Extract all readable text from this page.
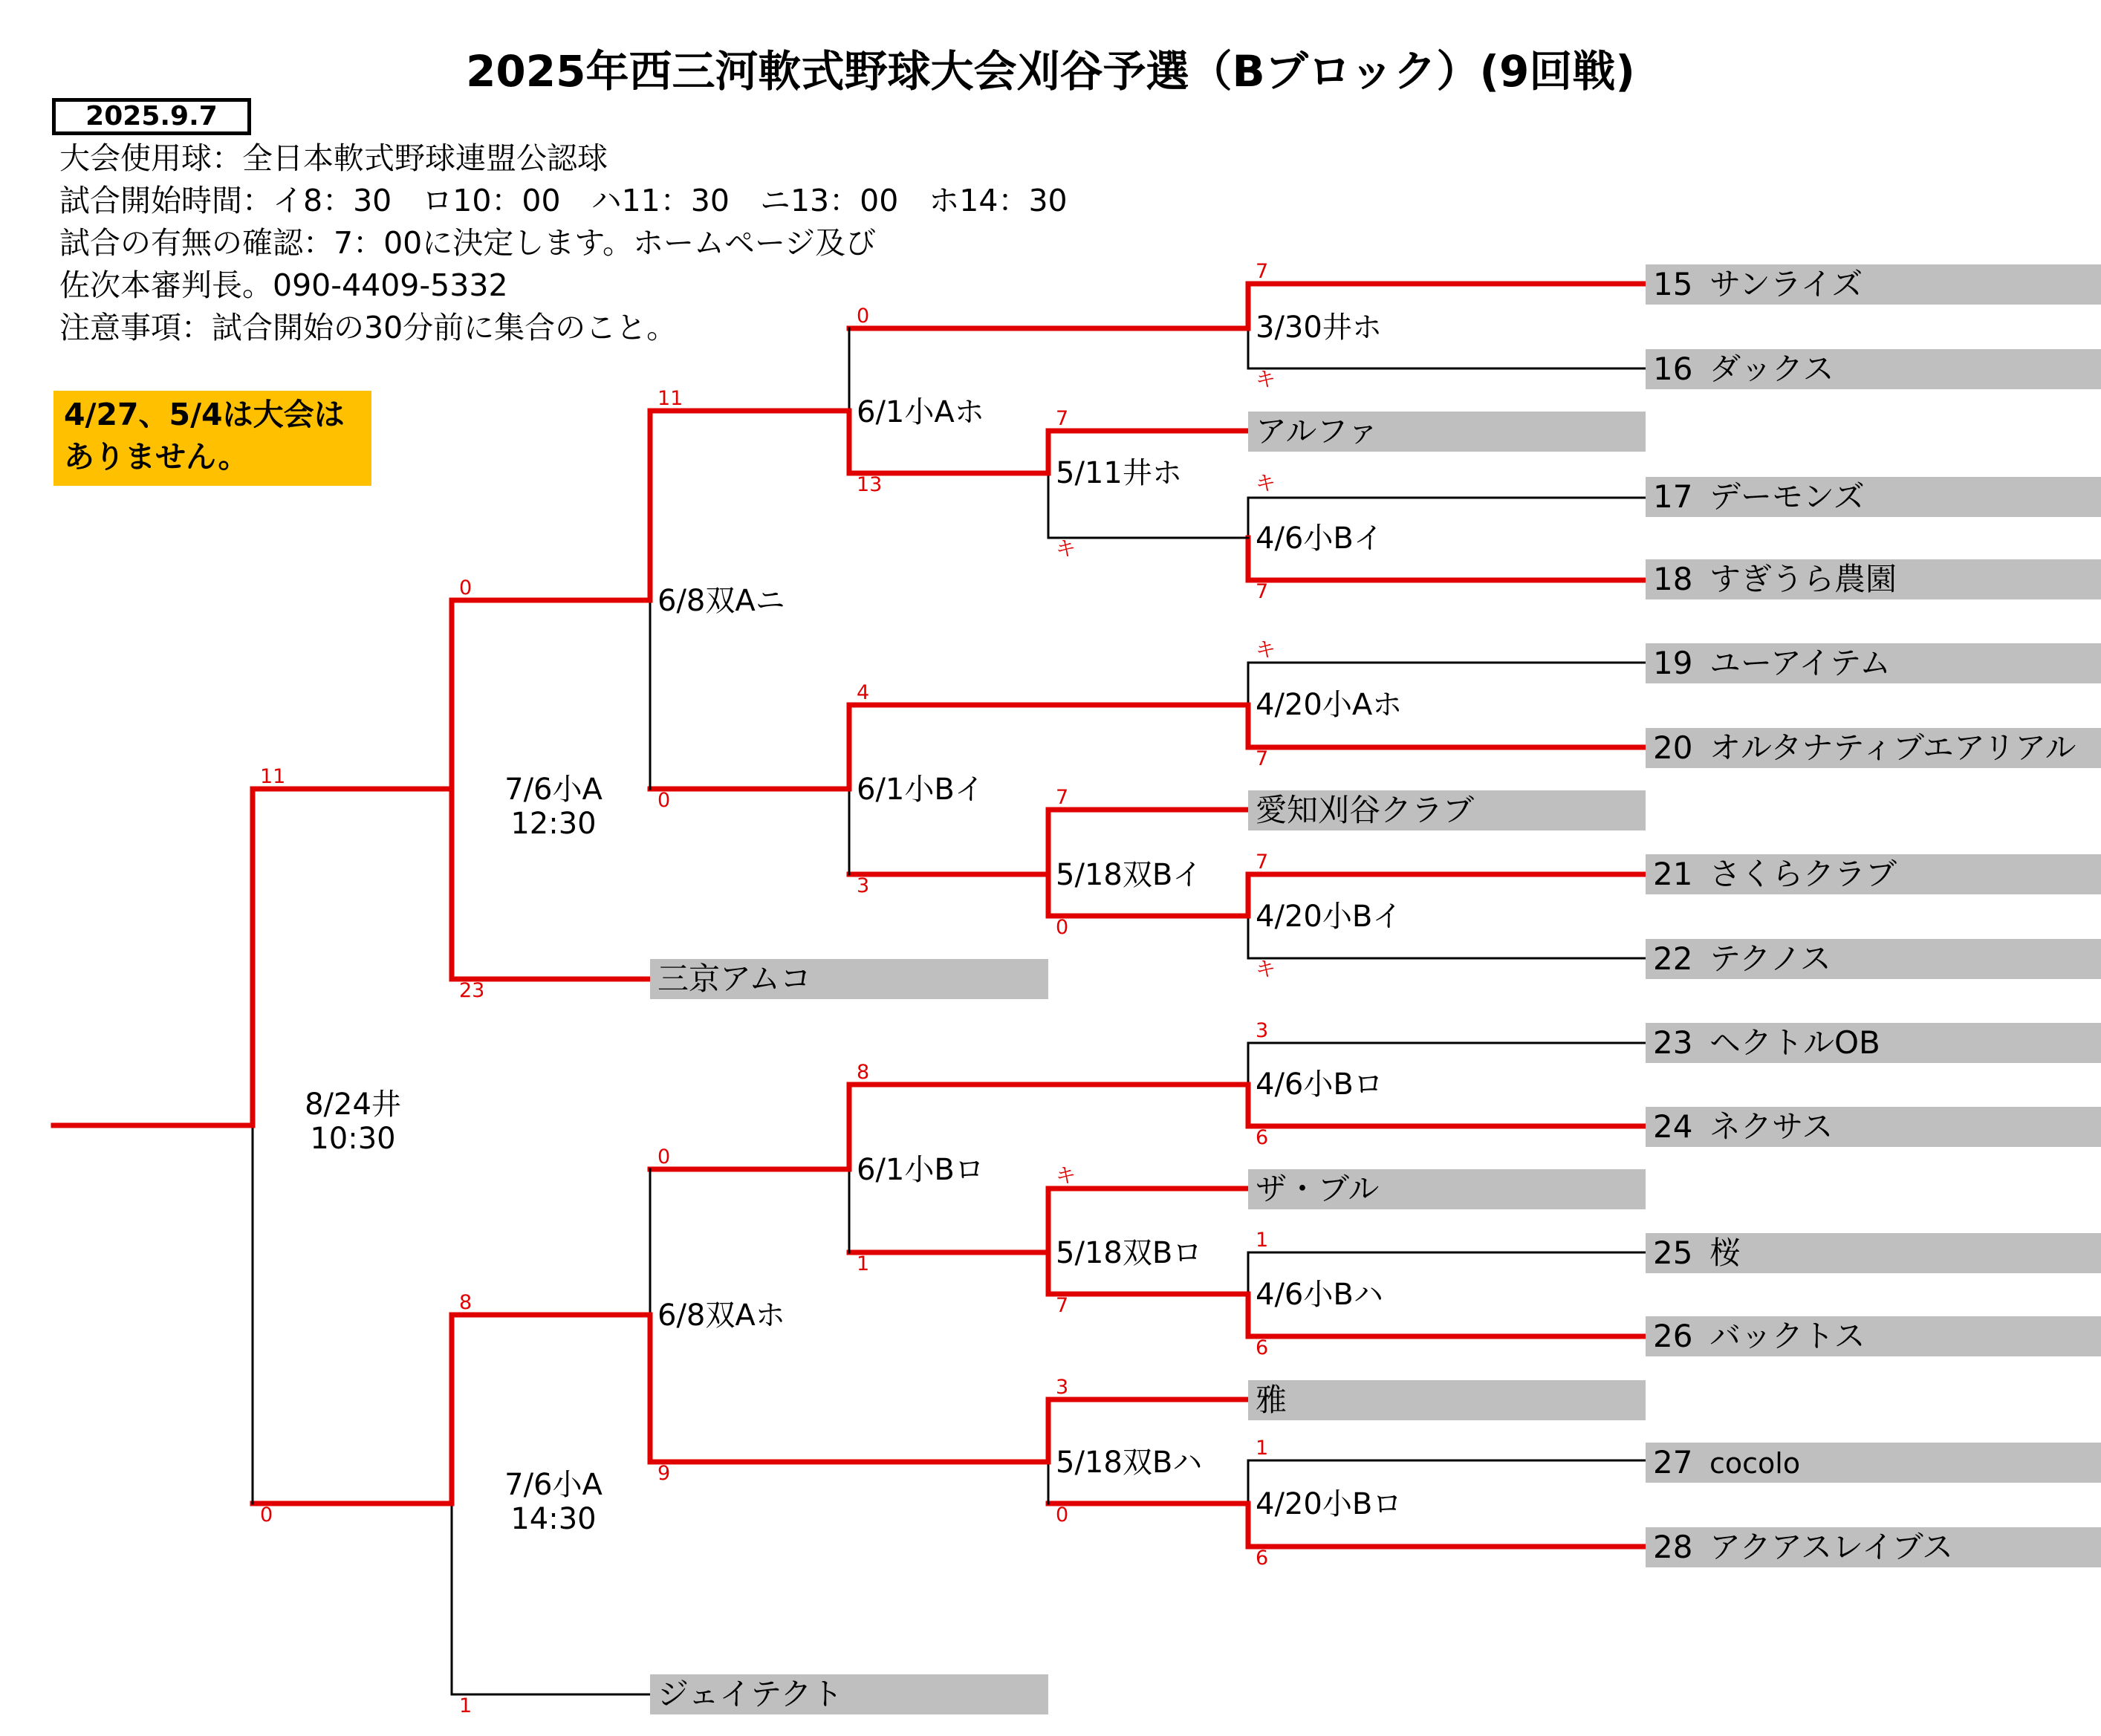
2025年西三河軟式野球大会刈谷予選（Bブロック）(9回戦)
2025.9.7
大会使用球：全日本軟式野球連盟公認球
試合開始時間：イ8：30　ロ10：00　ハ11：30　ニ13：00　ホ14：30
試合の有無の確認：7：00に決定します。ホームページ及び
佐次本審判長。090-4409-5332
注意事項：試合開始の30分前に集合のこと。
4/27、5/4は大会は
ありません。
15 サンライズ
16 ダックス
アルファ
17 デーモンズ
18 すぎうら農園
19 ユーアイテム
20 オルタナティブエアリアル
愛知刈谷クラブ
21 さくらクラブ
22 テクノス
23 ヘクトルOB
24 ネクサス
ザ・ブル
25 桜
26 バックトス
雅
27 cocolo
28 アクアスレイブス
三京アムコ
ジェイテクト
3/30井ホ
4/6小Bイ
4/20小Aホ
4/20小Bイ
4/6小Bロ
4/6小Bハ
4/20小Bロ
5/11井ホ
5/18双Bイ
5/18双Bロ
5/18双Bハ
6/1小Aホ
6/1小Bイ
6/1小Bロ
6/8双Aニ
6/8双Aホ
7/6小A
12:30
7/6小A
14:30
8/24井
10:30
7
キ
キ
7
キ
7
7
キ
3
6
1
6
1
6
7
キ
7
0
キ
7
3
0
0
13
4
3
8
1
11
0
0
9
0
23
8
1
11
0
